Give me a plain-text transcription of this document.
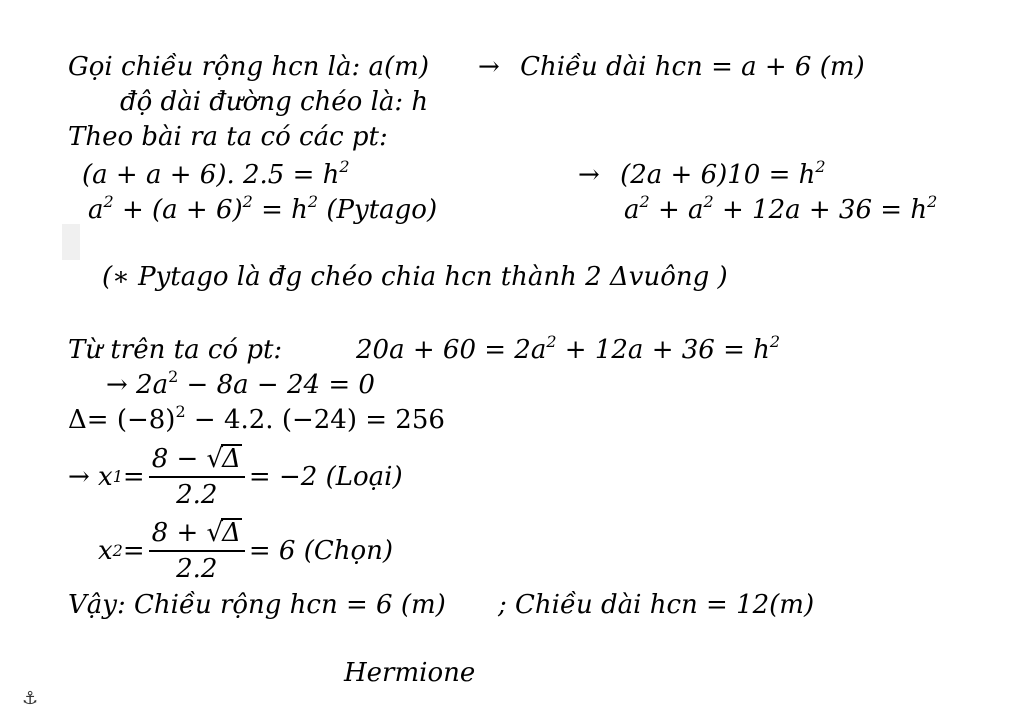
Gọi chiều rộng hcn là: a(m) → Chiều dài hcn = a + 6 (m)
độ dài đường chéo là: h
Theo bài ra ta có các pt:
(a + a + 6). $2.5 = h^2$	→ $(2a + 6)10 = h^2$
$a^2 + (a + 6)^2 = h^2$ (Pytago)	$a^2 + a^2 + 12a + 36 = h^2$
(∗ Pytago là đg chéo chia hcn thành 2 Δvuông )
Từ trên ta có pt:	$20a + 60 = 2a^2 + 12a + 36 = h^2$
→ $2a^2 - 8a - 24 = 0$
$\Delta= (-8)^2 - 4.2$. (−24) = 256
→ x $1 = \frac{8 - √\Delta}{2.2} = -2$ (Loại)
x $2 = \frac{8 + √\Delta}{2.2} = 6$ (Chọn)
Vậy: Chiều rộng hcn = 6 (m) ; Chiều dài hcn = 12(m)
Hermione
⚓
